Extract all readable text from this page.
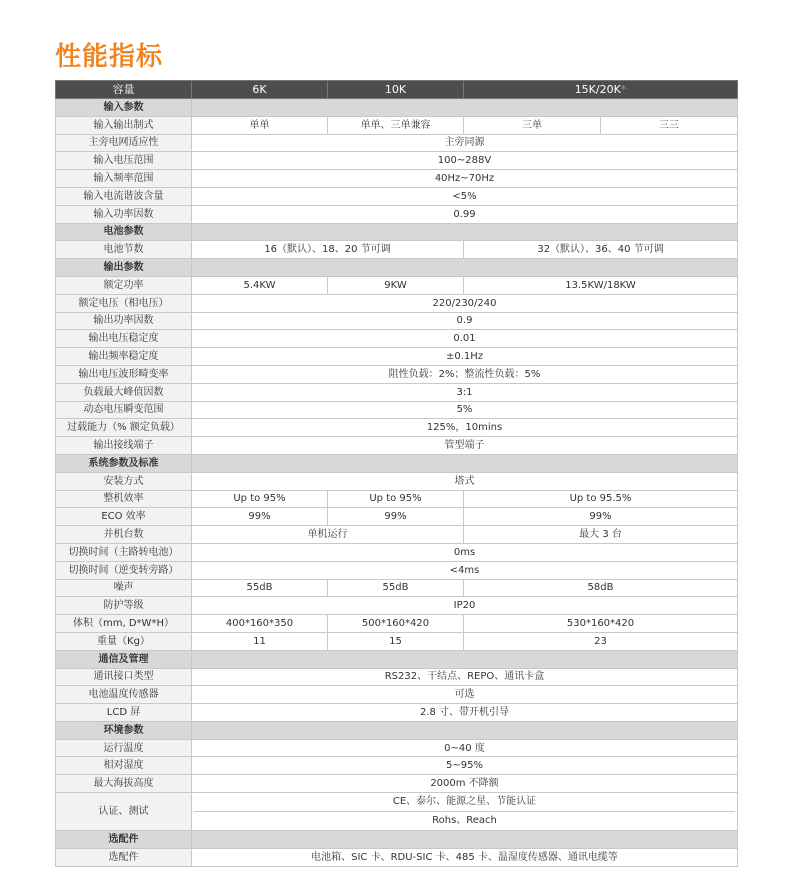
性能指标
容量	6K	10K	15K/20K*	
输入参数				
输入输出制式	单单	单单、三单兼容	三单	三三
主旁电网适应性	主旁同源			
输入电压范围	100~288V			
输入频率范围	40Hz~70Hz			
输入电流谐波含量	<5%			
输入功率因数	0.99			
电池参数				
电池节数	16（默认）、18、20 节可调		32（默认）、36、40 节可调	
输出参数				
额定功率	5.4KW	9KW	13.5KW/18KW	
额定电压（相电压）	220/230/240			
输出功率因数	0.9			
输出电压稳定度	0.01			
输出频率稳定度	±0.1Hz			
输出电压波形畸变率	阻性负载：2%；整流性负载：5%			
负载最大峰值因数	3:1			
动态电压瞬变范围	5%			
过载能力（% 额定负载）	125%，10mins			
输出接线端子	管型端子			
系统参数及标准				
安装方式	塔式			
整机效率	Up to 95%	Up to 95%	Up to 95.5%	
ECO 效率	99%	99%	99%	
并机台数	单机运行		最大 3 台	
切换时间（主路转电池）	0ms			
切换时间（逆变转旁路）	<4ms			
噪声	55dB	55dB	58dB	
防护等级	IP20			
体积（mm, D*W*H）	400*160*350	500*160*420	530*160*420	
重量（Kg）	11	15	23	
通信及管理				
通讯接口类型	RS232、干结点、REPO、通讯卡盒			
电池温度传感器	可选			
LCD 屏	2.8 寸、带开机引导			
环境参数				
运行温度	0~40 度			
相对湿度	5~95%			
最大海拔高度	2000m 不降额			
认证、测试	CE、泰尔、能源之星、节能认证
Rohs、Reach			

选配件				
选配件	电池箱、SIC 卡、RDU-SIC 卡、485 卡、温湿度传感器、通讯电缆等			
